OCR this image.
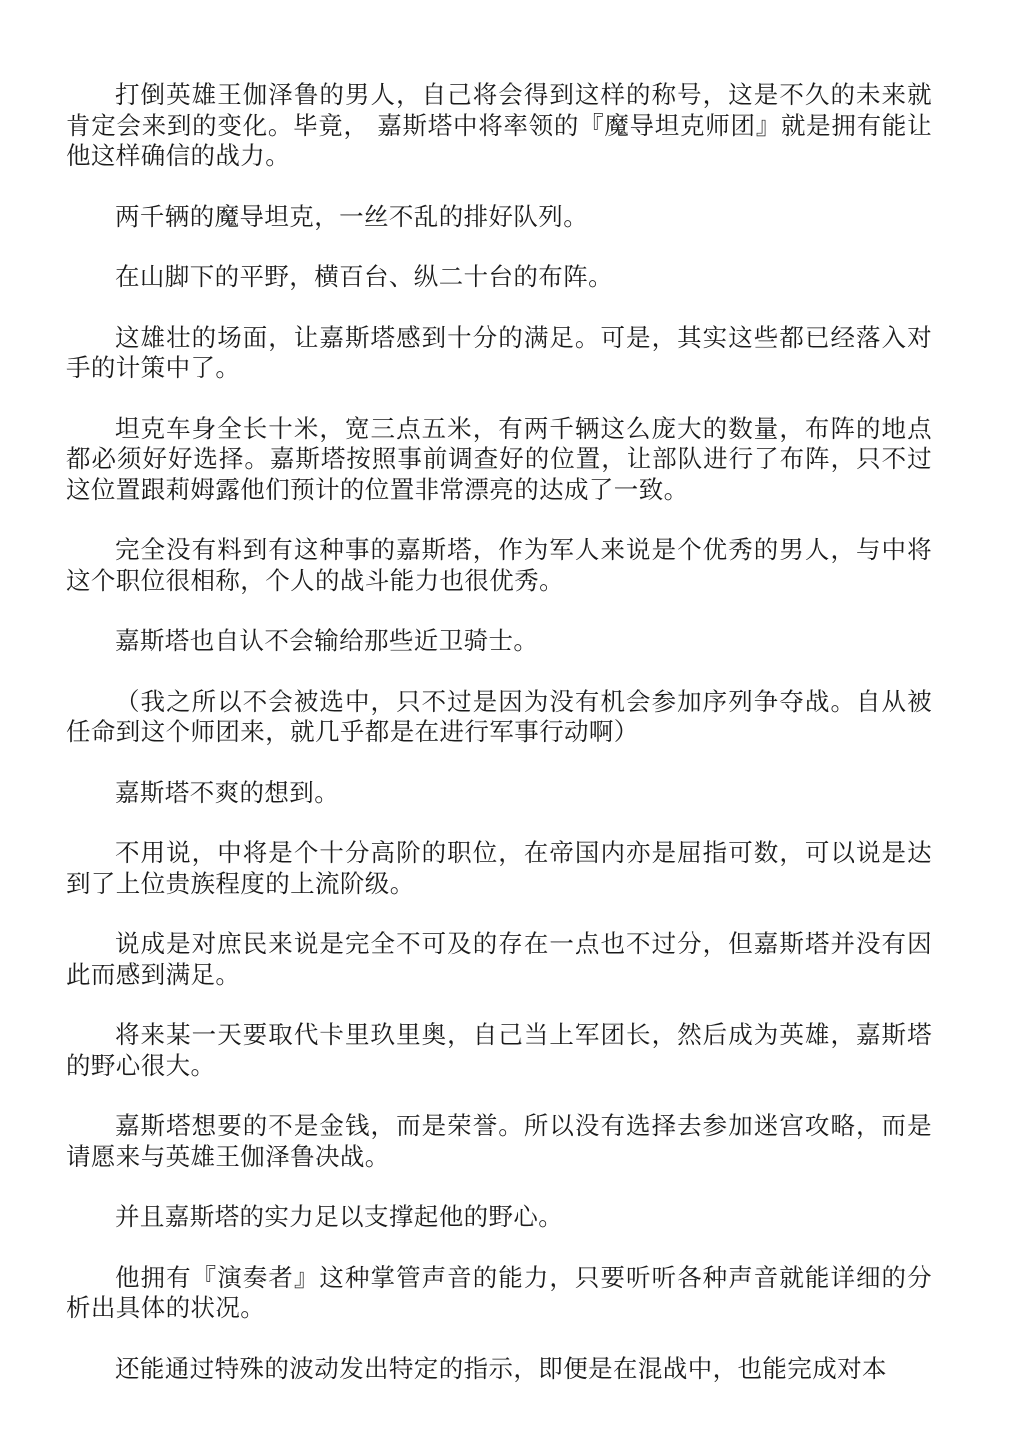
打倒英雄王伽泽鲁的男人，自己将会得到这样的称号，这是不久的未来就肯定会来到的变化。毕竟， 嘉斯塔中将率领的『魔导坦克师团』就是拥有能让他这样确信的战力。

两千辆的魔导坦克，一丝不乱的排好队列。

在山脚下的平野，横百台、纵二十台的布阵。

这雄壮的场面，让嘉斯塔感到十分的满足。可是，其实这些都已经落入对手的计策中了。

坦克车身全长十米，宽三点五米，有两千辆这么庞大的数量，布阵的地点都必须好好选择。嘉斯塔按照事前调查好的位置，让部队进行了布阵，只不过这位置跟莉姆露他们预计的位置非常漂亮的达成了一致。

完全没有料到有这种事的嘉斯塔，作为军人来说是个优秀的男人，与中将这个职位很相称，个人的战斗能力也很优秀。

嘉斯塔也自认不会输给那些近卫骑士。

（我之所以不会被选中，只不过是因为没有机会参加序列争夺战。自从被任命到这个师团来，就几乎都是在进行军事行动啊）

嘉斯塔不爽的想到。

不用说，中将是个十分高阶的职位，在帝国内亦是屈指可数，可以说是达到了上位贵族程度的上流阶级。

说成是对庶民来说是完全不可及的存在一点也不过分，但嘉斯塔并没有因此而感到满足。

将来某一天要取代卡里玖里奥，自己当上军团长，然后成为英雄，嘉斯塔的野心很大。

嘉斯塔想要的不是金钱，而是荣誉。所以没有选择去参加迷宫攻略，而是请愿来与英雄王伽泽鲁决战。

并且嘉斯塔的实力足以支撑起他的野心。

他拥有『演奏者』这种掌管声音的能力，只要听听各种声音就能详细的分析出具体的状况。

还能通过特殊的波动发出特定的指示，即便是在混战中，也能完成对本
